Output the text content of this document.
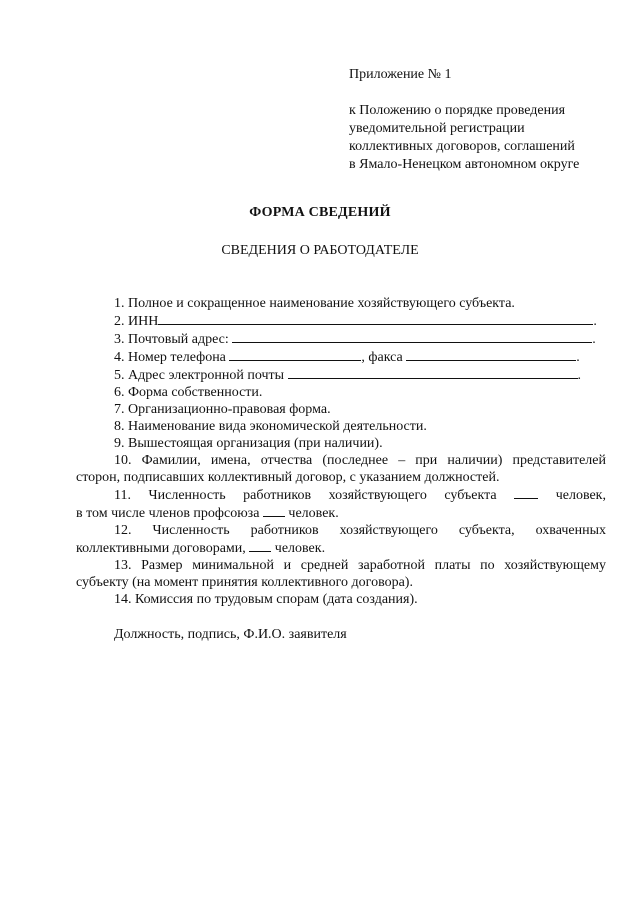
Приложение № 1
к Положению о порядке проведения
уведомительной регистрации
коллективных договоров, соглашений
в Ямало-Ненецком автономном округе
ФОРМА СВЕДЕНИЙ
СВЕДЕНИЯ О РАБОТОДАТЕЛЕ

1. Полное и сокращенное наименование хозяйствующего субъекта.

2. ИНН	.

3. Почтовый адрес:	.

4. Номер телефона	, факса	.

5. Адрес электронной почты	.

6. Форма собственности.

7. Организационно-правовая форма.

8. Наименование вида экономической деятельности.

9. Вышестоящая организация (при наличии).

10. Фамилии, имена, отчества (последнее – при наличии) представителей

сторон, подписавших коллективный договор, с указанием должностей.

11. Численность работников хозяйствующего субъекта	человек,

в том числе членов профсоюза человек.

12. Численность работников хозяйствующего субъекта, охваченных

коллективными договорами, человек.

13. Размер минимальной и средней заработной платы по хозяйствующему

субъекту (на момент принятия коллективного договора).

14. Комиссия по трудовым спорам (дата создания).

Должность, подпись, Ф.И.О. заявителя
